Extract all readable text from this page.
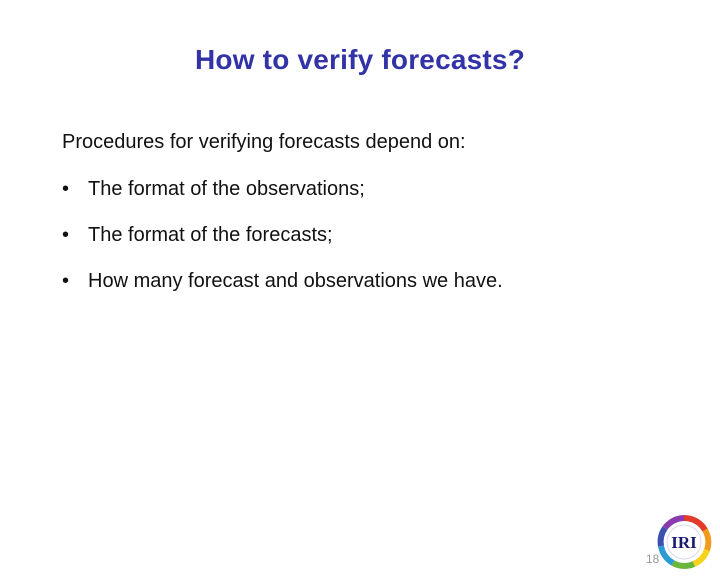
How to verify forecasts?
Procedures for verifying forecasts depend on:
• The format of the observations;
• The format of the forecasts;
• How many forecast and observations we have.
18
IRI
